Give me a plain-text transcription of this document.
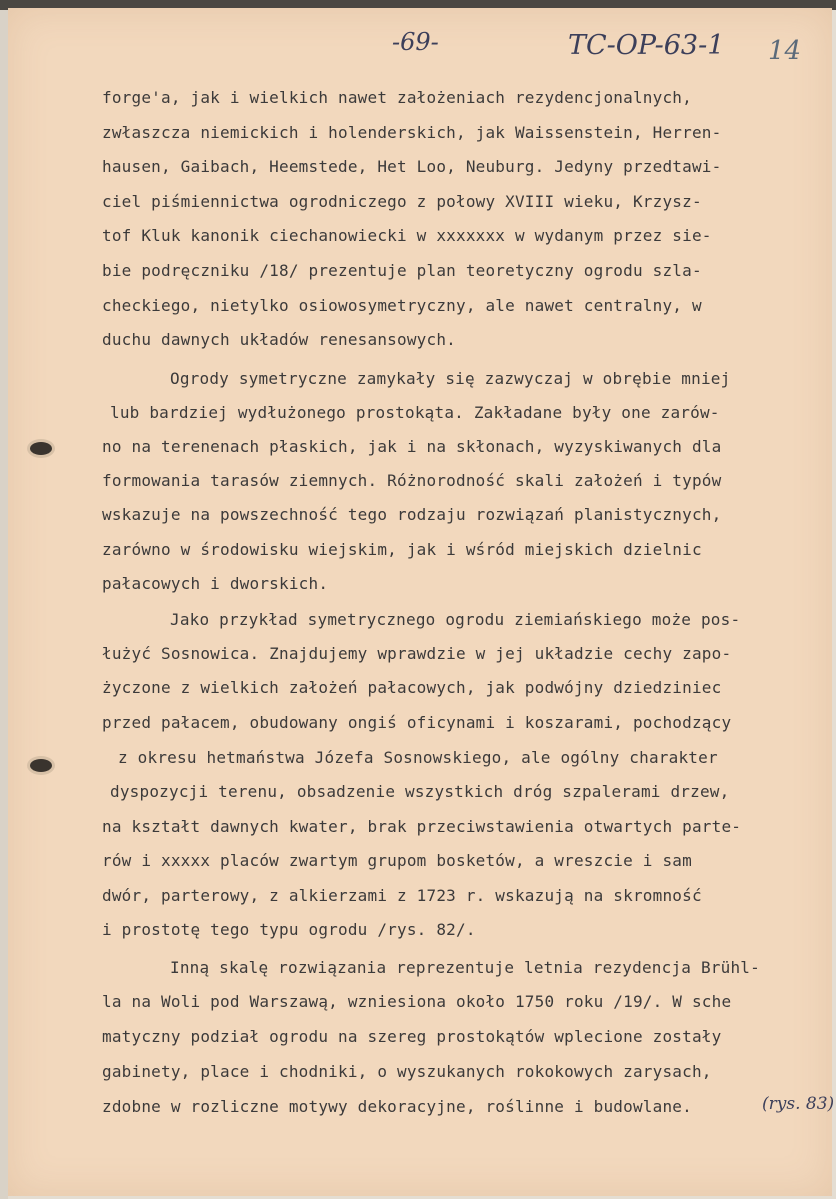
-69-	TC-OP-63-1 14
forge'a, jak i wielkich nawet założeniach rezydencjonalnych,
zwłaszcza niemickich i holenderskich, jak Waissenstein, Herren-
hausen, Gaibach, Heemstede, Het Loo, Neuburg. Jedyny przedtawi-
ciel piśmiennictwa ogrodniczego z połowy XVIII wieku, Krzysz-
tof Kluk kanonik ciechanowiecki w xxxxxxx w wydanym przez sie-
bie podręczniku /18/ prezentuje plan teoretyczny ogrodu szla-
checkiego, nietylko osiowosymetryczny, ale nawet centralny, w
duchu dawnych układów renesansowych.
Ogrody symetryczne zamykały się zazwyczaj w obrębie mniej
lub bardziej wydłużonego prostokąta. Zakładane były one zarów-
no na terenenach płaskich, jak i na skłonach, wyzyskiwanych dla
formowania tarasów ziemnych. Różnorodność skali założeń i typów
wskazuje na powszechność tego rodzaju rozwiązań planistycznych,
zarówno w środowisku wiejskim, jak i wśród miejskich dzielnic
pałacowych i dworskich.
Jako przykład symetrycznego ogrodu ziemiańskiego może pos-
łużyć Sosnowica. Znajdujemy wprawdzie w jej układzie cechy zapo-
życzone z wielkich założeń pałacowych, jak podwójny dziedziniec
przed pałacem, obudowany ongiś oficynami i koszarami, pochodzący
z okresu hetmaństwa Józefa Sosnowskiego, ale ogólny charakter
dyspozycji terenu, obsadzenie wszystkich dróg szpalerami drzew,
na kształt dawnych kwater, brak przeciwstawienia otwartych parte-
rów i xxxxx placów zwartym grupom bosketów, a wreszcie i sam
dwór, parterowy, z alkierzami z 1723 r. wskazują na skromność
i prostotę tego typu ogrodu /rys. 82/.
Inną skalę rozwiązania reprezentuje letnia rezydencja Brühl-
la na Woli pod Warszawą, wzniesiona około 1750 roku /19/. W sche
matyczny podział ogrodu na szereg prostokątów wplecione zostały
gabinety, place i chodniki, o wyszukanych rokokowych zarysach,
zdobne w rozliczne motywy dekoracyjne, roślinne i budowlane.	(rys. 83)
